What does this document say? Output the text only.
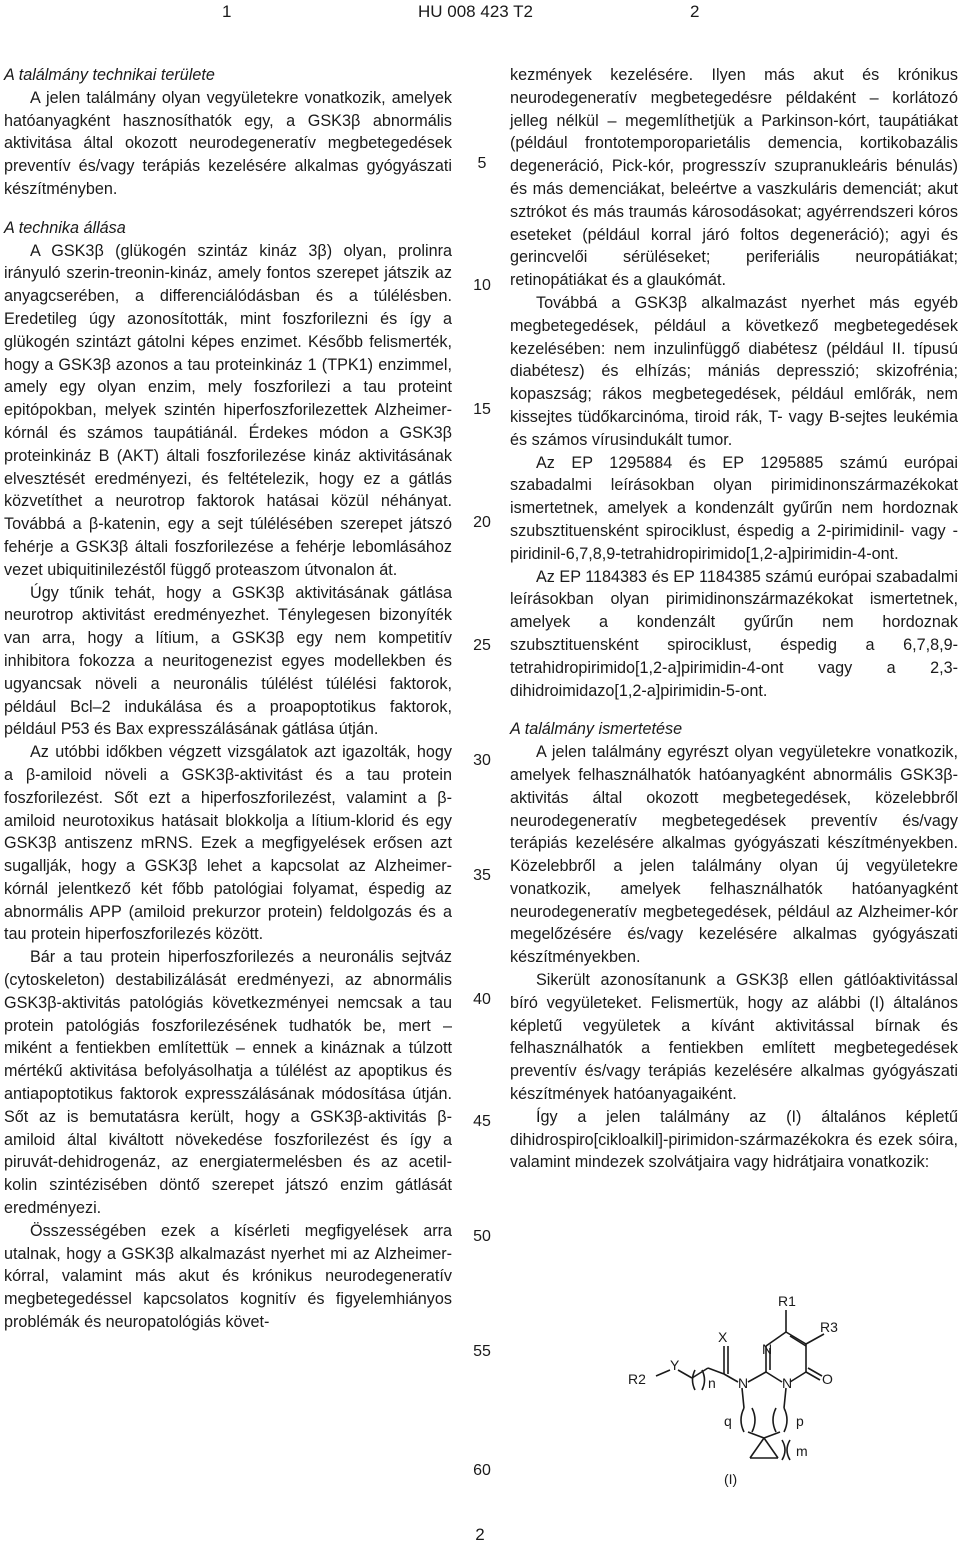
1	HU 008 423 T2	2

A találmány technikai területe

A jelen találmány olyan vegyületekre vonatkozik, amelyek hatóanyagként hasznosíthatók egy, a GSK3β abnormális aktivitása által okozott neurodegeneratív megbetegedések preventív és/vagy terápiás kezelésére alkalmas gyógyászati készítményben.

A technika állása

A GSK3β (glükogén szintáz kináz 3β) olyan, prolinra irányuló szerin-treonin-kináz, amely fontos szerepet játszik az anyagcserében, a differenciálódásban és a túlélésben. Eredetileg úgy azonosították, mint foszforilezni és így a glükogén szintázt gátolni képes enzimet. Később felismerték, hogy a GSK3β azonos a tau proteinkináz 1 (TPK1) enzimmel, amely egy olyan enzim, mely foszforilezi a tau proteint epitópokban, melyek szintén hiperfoszforilezettek Alzheimer-kórnál és számos taupátiánál. Érdekes módon a GSK3β proteinkináz B (AKT) általi foszforilezése kináz aktivitásának elvesztését eredményezi, és feltételezik, hogy ez a gátlás közvetíthet a neurotrop faktorok hatásai közül néhányat. Továbbá a β-katenin, egy a sejt túlélésében szerepet játszó fehérje a GSK3β általi foszforilezése a fehérje lebomlásához vezet ubiquitinilezéstől függő proteaszom útvonalon át.

Úgy tűnik tehát, hogy a GSK3β aktivitásának gátlása neurotrop aktivitást eredményezhet. Ténylegesen bizonyíték van arra, hogy a lítium, a GSK3β egy nem kompetitív inhibitora fokozza a neuritogenezist egyes modellekben és ugyancsak növeli a neuronális túlélést túlélési faktorok, például Bcl–2 indukálása és a proapoptotikus faktorok, például P53 és Bax expresszálásának gátlása útján.

Az utóbbi időkben végzett vizsgálatok azt igazolták, hogy a β-amiloid növeli a GSK3β-aktivitást és a tau protein foszforilezést. Sőt ezt a hiperfoszforilezést, valamint a β-amiloid neurotoxikus hatásait blokkolja a lítium-klorid és egy GSK3β antiszenz mRNS. Ezek a megfigyelések erősen azt sugallják, hogy a GSK3β lehet a kapcsolat az Alzheimer-kórnál jelentkező két főbb patológiai folyamat, éspedig az abnormális APP (amiloid prekurzor protein) feldolgozás és a tau protein hiperfoszforilezés között.

Bár a tau protein hiperfoszforilezés a neuronális sejtváz (cytoskeleton) destabilizálását eredményezi, az abnormális GSK3β-aktivitás patológiás következményei nemcsak a tau protein patológiás foszforilezésének tudhatók be, mert – miként a fentiekben említettük – ennek a kináznak a túlzott mértékű aktivitása befolyásolhatja a túlélést az apoptikus és antiapoptotikus faktorok expresszálásának módosítása útján. Sőt az is bemutatásra került, hogy a GSK3β-aktivitás β-amiloid által kiváltott növekedése foszforilezést és így a piruvát-dehidrogenáz, az energiatermelésben és az acetil-kolin szintézisében döntő szerepet játszó enzim gátlását eredményezi.

Összességében ezek a kísérleti megfigyelések arra utalnak, hogy a GSK3β alkalmazást nyerhet mi az Alzheimer-kórral, valamint más akut és krónikus neurodegeneratív megbetegedéssel kapcsolatos kognitív és figyelemhiányos problémák és neuropatológiás követ-

kezmények kezelésére. Ilyen más akut és krónikus neurodegeneratív megbetegedésre példaként – korlátozó jelleg nélkül – megemlíthetjük a Parkinson-kórt, taupátiákat (például frontotemporoparietális demencia, kortikobazális degeneráció, Pick-kór, progresszív szupranukleáris bénulás) és más demenciákat, beleértve a vaszkuláris demenciát; akut sztrókot és más traumás károsodásokat; agyérrendszeri kóros eseteket (például korral járó foltos degeneráció); agyi és gerincvelői sérüléseket; periferiális neuropátiákat; retinopátiákat és a glaukómát.

Továbbá a GSK3β alkalmazást nyerhet más egyéb megbetegedések, például a következő megbetegedések kezelésében: nem inzulinfüggő diabétesz (például II. típusú diabétesz) és elhízás; mániás depresszió; skizofrénia; kopaszság; rákos megbetegedések, például emlőrák, nem kissejtes tüdőkarcinóma, tiroid rák, T- vagy B-sejtes leukémia és számos vírusindukált tumor.

Az EP 1295884 és EP 1295885 számú európai szabadalmi leírásokban olyan pirimidinonszármazékokat ismertetnek, amelyek a kondenzált gyűrűn nem hordoznak szubsztituensként spirociklust, éspedig a 2-pirimidinil- vagy -piridinil-6,7,8,9-tetrahidropirimido[1,2-a]pirimidin-4-ont.

Az EP 1184383 és EP 1184385 számú európai szabadalmi leírásokban olyan pirimidinonszármazékokat ismertetnek, amelyek a kondenzált gyűrűn nem hordoznak szubsztituensként spirociklust, éspedig a 6,7,8,9-tetrahidropirimido[1,2-a]pirimidin-4-ont vagy a 2,3-dihidroimidazo[1,2-a]pirimidin-5-ont.

A találmány ismertetése

A jelen találmány egyrészt olyan vegyületekre vonatkozik, amelyek felhasználhatók hatóanyagként abnormális GSK3β-aktivitás által okozott megbetegedések, közelebbről neurodegeneratív megbetegedések preventív és/vagy terápiás kezelésére alkalmas gyógyászati készítményekben. Közelebbről a jelen találmány olyan új vegyületekre vonatkozik, amelyek felhasználhatók hatóanyagként neurodegeneratív megbetegedések, például az Alzheimer-kór megelőzésére és/vagy kezelésére alkalmas gyógyászati készítményekben.

Sikerült azonosítanunk a GSK3β ellen gátlóaktivitással bíró vegyületeket. Felismertük, hogy az alábbi (I) általános képletű vegyületek a kívánt aktivitással bírnak és felhasználhatók a fentiekben említett megbetegedések preventív és/vagy terápiás kezelésére alkalmas gyógyászati készítmények hatóanyagaiként.

Így a jelen találmány az (I) általános képletű dihidrospiro[cikloalkil]-pirimidon-származékokra és ezek sóira, valamint mindezek szolvátjaira vagy hidrátjaira vonatkozik:

5
10
15
20
25
30
35
40
45
50
55
60
R1
R3
X
Y
R2	n
N
N N O
q	p
m
(I)
2
